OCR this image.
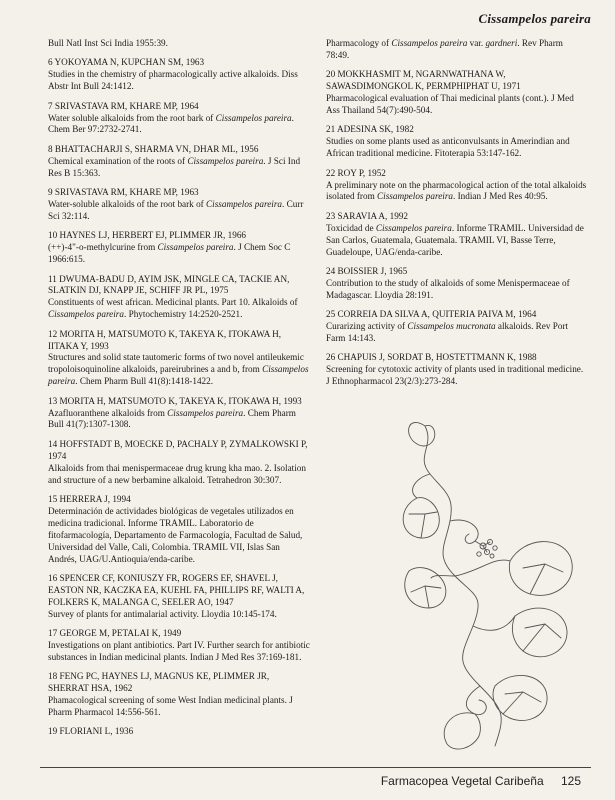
Cissampelos pareira
Bull Natl Inst Sci India 1955:39.
6 YOKOYAMA N, KUPCHAN SM, 1963
Studies in the chemistry of pharmacologically active alkaloids. Diss Abstr Int Bull 24:1412.
7 SRIVASTAVA RM, KHARE MP, 1964
Water soluble alkaloids from the root bark of Cissampelos pareira. Chem Ber 97:2732-2741.
8 BHATTACHARJI S, SHARMA VN, DHAR ML, 1956
Chemical examination of the roots of Cissampelos pareira. J Sci Ind Res B 15:363.
9 SRIVASTAVA RM, KHARE MP, 1963
Water-soluble alkaloids of the root bark of Cissampelos pareira. Curr Sci 32:114.
10 HAYNES LJ, HERBERT EJ, PLIMMER JR, 1966
(++)-4"-o-methylcurine from Cissampelos pareira. J Chem Soc C 1966:615.
11 DWUMA-BADU D, AYIM JSK, MINGLE CA, TACKIE AN, SLATKIN DJ, KNAPP JE, SCHIFF JR PL, 1975
Constituents of west african. Medicinal plants. Part 10. Alkaloids of Cissampelos pareira. Phytochemistry 14:2520-2521.
12 MORITA H, MATSUMOTO K, TAKEYA K, ITOKAWA H, IITAKA Y, 1993
Structures and solid state tautomeric forms of two novel antileukemic tropoloisoquinoline alkaloids, pareirubrines a and b, from Cissampelos pareira. Chem Pharm Bull 41(8):1418-1422.
13 MORITA H, MATSUMOTO K, TAKEYA K, ITOKAWA H, 1993
Azafluoranthene alkaloids from Cissampelos pareira. Chem Pharm Bull 41(7):1307-1308.
14 HOFFSTADT B, MOECKE D, PACHALY P, ZYMALKOWSKI P, 1974
Alkaloids from thai menispermaceae drug krung kha mao. 2. Isolation and structure of a new berbamine alkaloid. Tetrahedron 30:307.
15 HERRERA J, 1994
Determinación de actividades biológicas de vegetales utilizados en medicina tradicional. Informe TRAMIL. Laboratorio de fitofarmacología, Departamento de Farmacología, Facultad de Salud, Universidad del Valle, Cali, Colombia. TRAMIL VII, Islas San Andrés, UAG/U.Antioquia/enda-caribe.
16 SPENCER CF, KONIUSZY FR, ROGERS EF, SHAVEL J, EASTON NR, KACZKA EA, KUEHL FA, PHILLIPS RF, WALTI A, FOLKERS K, MALANGA C, SEELER AO, 1947
Survey of plants for antimalarial activity. Lloydia 10:145-174.
17 GEORGE M, PETALAI K, 1949
Investigations on plant antibiotics. Part IV. Further search for antibiotic substances in Indian medicinal plants. Indian J Med Res 37:169-181.
18 FENG PC, HAYNES LJ, MAGNUS KE, PLIMMER JR, SHERRAT HSA, 1962
Phamacological screening of some West Indian medicinal plants. J Pharm Pharmacol 14:556-561.
19 FLORIANI L, 1936
Pharmacology of Cissampelos pareira var. gardneri. Rev Pharm 78:49.
20 MOKKHASMIT M, NGARNWATHANA W, SAWASDIMONGKOL K, PERMPHIPHAT U, 1971
Pharmacological evaluation of Thai medicinal plants (cont.). J Med Ass Thailand 54(7):490-504.
21 ADESINA SK, 1982
Studies on some plants used as anticonvulsants in Amerindian and African traditional medicine. Fitoterapia 53:147-162.
22 ROY P, 1952
A preliminary note on the pharmacological action of the total alkaloids isolated from Cissampelos pareira. Indian J Med Res 40:95.
23 SARAVIA A, 1992
Toxicidad de Cissampelos pareira. Informe TRAMIL. Universidad de San Carlos, Guatemala, Guatemala. TRAMIL VI, Basse Terre, Guadeloupe, UAG/enda-caribe.
24 BOISSIER J, 1965
Contribution to the study of alkaloids of some Menispermaceae of Madagascar. Lloydia 28:191.
25 CORREIA DA SILVA A, QUITERIA PAIVA M, 1964
Curarizing activity of Cissampelos mucronata alkaloids. Rev Port Farm 14:143.
26 CHAPUIS J, SORDAT B, HOSTETTMANN K, 1988
Screening for cytotoxic activity of plants used in traditional medicine. J Ethnopharmacol 23(2/3):273-284.
Farmacopea Vegetal Caribeña 125
